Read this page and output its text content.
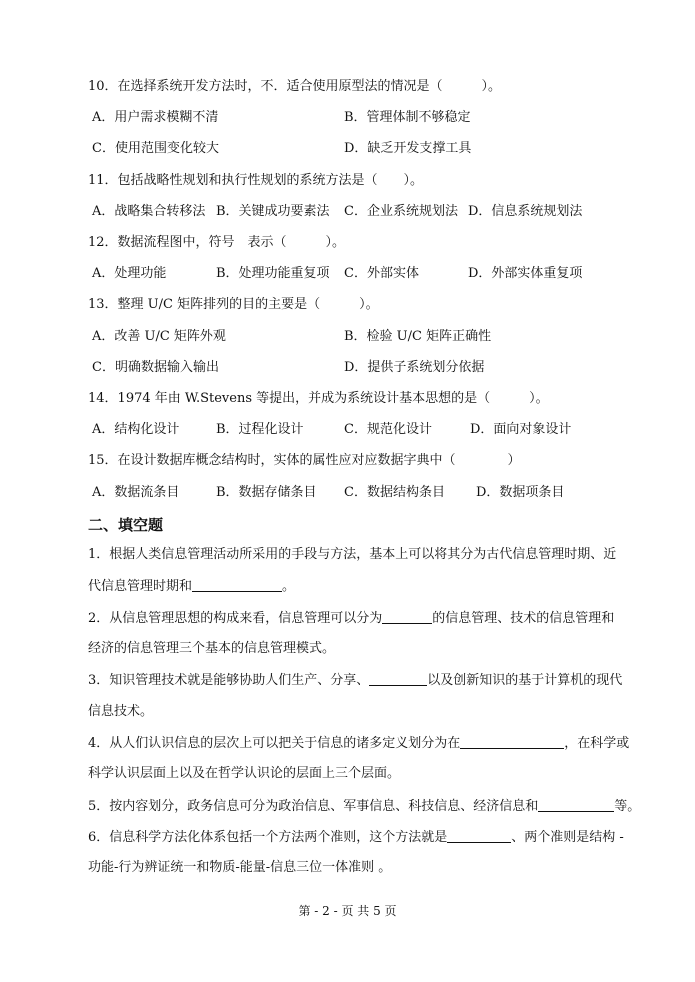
10．在选择系统开发方法时，不．适合使用原型法的情况是（　　　）。
A．用户需求模糊不清	B．管理体制不够稳定
C．使用范围变化较大	D．缺乏开发支撑工具
11．包括战略性规划和执行性规划的系统方法是（　　）。
A．战略集合转移法 B．关键成功要素法 C．企业系统规划法 D．信息系统规划法
12．数据流程图中，符号　表示（　　　）。
A．处理功能	B．处理功能重复项 C．外部实体	D．外部实体重复项
13．整理 U/C 矩阵排列的目的主要是（　　　）。
A．改善 U/C 矩阵外观	B．检验 U/C 矩阵正确性
C．明确数据输入输出	D．提供子系统划分依据
14．1974 年由 W.Stevens 等提出，并成为系统设计基本思想的是（　　　）。
A．结构化设计	B．过程化设计	C．规范化设计	D．面向对象设计
15．在设计数据库概念结构时，实体的属性应对应数据字典中（　　　　）
A．数据流条目	B．数据存储条目 C．数据结构条目 D．数据项条目
二、填空题
1．根据人类信息管理活动所采用的手段与方法，基本上可以将其分为古代信息管理时期、近
代信息管理时期和	。
2．从信息管理思想的构成来看，信息管理可以分为	的信息管理、技术的信息管理和
经济的信息管理三个基本的信息管理模式。
3．知识管理技术就是能够协助人们生产、分享、	以及创新知识的基于计算机的现代
信息技术。
4．从人们认识信息的层次上可以把关于信息的诸多定义划分为在	，在科学或
科学认识层面上以及在哲学认识论的层面上三个层面。
5．按内容划分，政务信息可分为政治信息、军事信息、科技信息、经济信息和	等。
6．信息科学方法化体系包括一个方法两个准则，这个方法就是	、两个准则是结构 -
功能-行为辨证统一和物质-能量-信息三位一体准则 。
第 - 2 - 页 共 5 页
